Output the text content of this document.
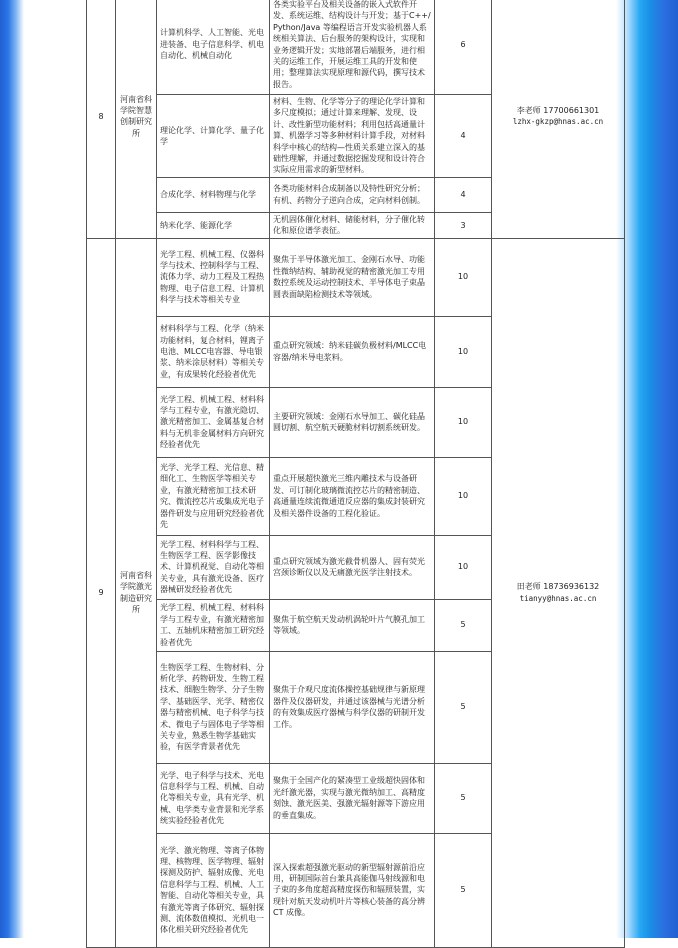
8	河南省科学院智慧创制研究所	计算机科学、人工智能、光电进装备、电子信息科学、机电自动化、机械自动化	各类实验平台及相关设备的嵌入式软件开发、系统运维、结构设计与开发；基于C++/Python/Java 等编程语言开发实验机器人系统相关算法、后台服务的架构设计，实现和业务逻辑开发；实地部署后端服务，进行相关的运维工作，开展运维工具的开发和使用；整理算法实现原理和源代码，撰写技术报告。	6	李老师 17700661301
lzhx-gkzp@hnas.ac.cn

		理论化学、计算化学、量子化学	材料、生物、化学等分子的理论化学计算和多尺度模拟；通过计算来理解、发现、设计、改性新型功能材料；利用包括高通量计算、机器学习等多种材料计算手段，对材料科学中核心的结构—性质关系建立深入的基础性理解，并通过数据挖掘发现和设计符合实际应用需求的新型材料。	4	

		合成化学、材料物理与化学	各类功能材料合成制备以及特性研究分析；有机、药物分子逆向合成，定向材料创制。	4	

		纳米化学、能源化学	无机固体催化材料、储能材料，分子催化转化和原位谱学表征。	3	
9	河南省科学院激光制造研究所	光学工程、机械工程、仪器科学与技术、控制科学与工程、流体力学、动力工程及工程热物理、电子信息工程、计算机科学与技术等相关专业	聚焦于半导体激光加工、金刚石水导、功能性微纳结构、辅助视觉的精密激光加工专用数控系统及运动控制技术、半导体电子束晶圆表面缺陷检测技术等领域。	10	田老师 18736936132
tianyy@hnas.ac.cn

		材料科学与工程、化学（纳米功能材料，复合材料，锂离子电池、MLCC电容器、导电银浆、纳米涂层材料）等相关专业，有成果转化经验者优先	重点研究领域：纳米硅碳负极材料/MLCC电容器/纳米导电浆料。	10	

		光学工程、机械工程、材料科学与工程专业，有激光隐切、激光精密加工、金属基复合材料与无机非金属材料方向研究经验者优先	主要研究领域：金刚石水导加工、碳化硅晶圆切割、航空航天硬脆材料切割系统研发。	10	

		光学、光学工程、光信息、精细化工、生物医学等相关专业，有激光精密加工技术研究、微流控芯片或集成光电子器件研发与应用研究经验者优先	重点开展超快激光三维内雕技术与设备研发、可订制化玻璃微流控芯片的精密制造、高通量连续流微通道反应器的集成封装研究及相关器件设备的工程化验证。	10	

		光学工程、材料科学与工程、生物医学工程、医学影像技术、计算机视觉、自动化等相关专业，具有激光设备、医疗器械研发经验者优先	重点研究领域为激光截骨机器人、固有荧光宫颈诊断仪以及无痛激光医学注射技术。	10	

		光学工程、机械工程、材料科学与工程专业，有激光精密加工、五轴机床精密加工研究经验者优先	聚焦于航空航天发动机涡轮叶片气膜孔加工等领域。	5	

		生物医学工程、生物材料、分析化学、药物研发、生物工程技术、细胞生物学、分子生物学、基础医学、光学、精密仪器与精密机械、电子科学与技术、微电子与固体电子学等相关专业，熟悉生物学基础实验，有医学背景者优先	聚焦于介观尺度流体操控基础规律与新原理器件及仪器研发，并通过该器械与光谱分析的有效集成医疗器械与科学仪器的研制开发工作。	5	

		光学、电子科学与技术、光电信息科学与工程、机械、自动化等相关专业，具有光学、机械、电学类专业背景和光学系统实验经验者优先	聚焦于全国产化的紧凑型工业级超快固体和光纤激光器，实现与激光微纳加工、高精度刻蚀、激光医美、强激光辐射源等下游应用的垂直集成。	5	

		光学、激光物理、等离子体物理、核物理、医学物理、辐射探测及防护、辐射成像、光电信息科学与工程、机械、人工智能、自动化等相关专业，具有激光等离子体研究、辐射探测、流体数值模拟、光机电一体化相关研究经验者优先	深入探索超强激光驱动的新型辐射源前沿应用，研制国际首台兼具高能伽马射线源和电子束的多角度超高精度探伤和辐照装置，实现针对航天发动机叶片等核心装备的高分辨 CT 成像。	5	
